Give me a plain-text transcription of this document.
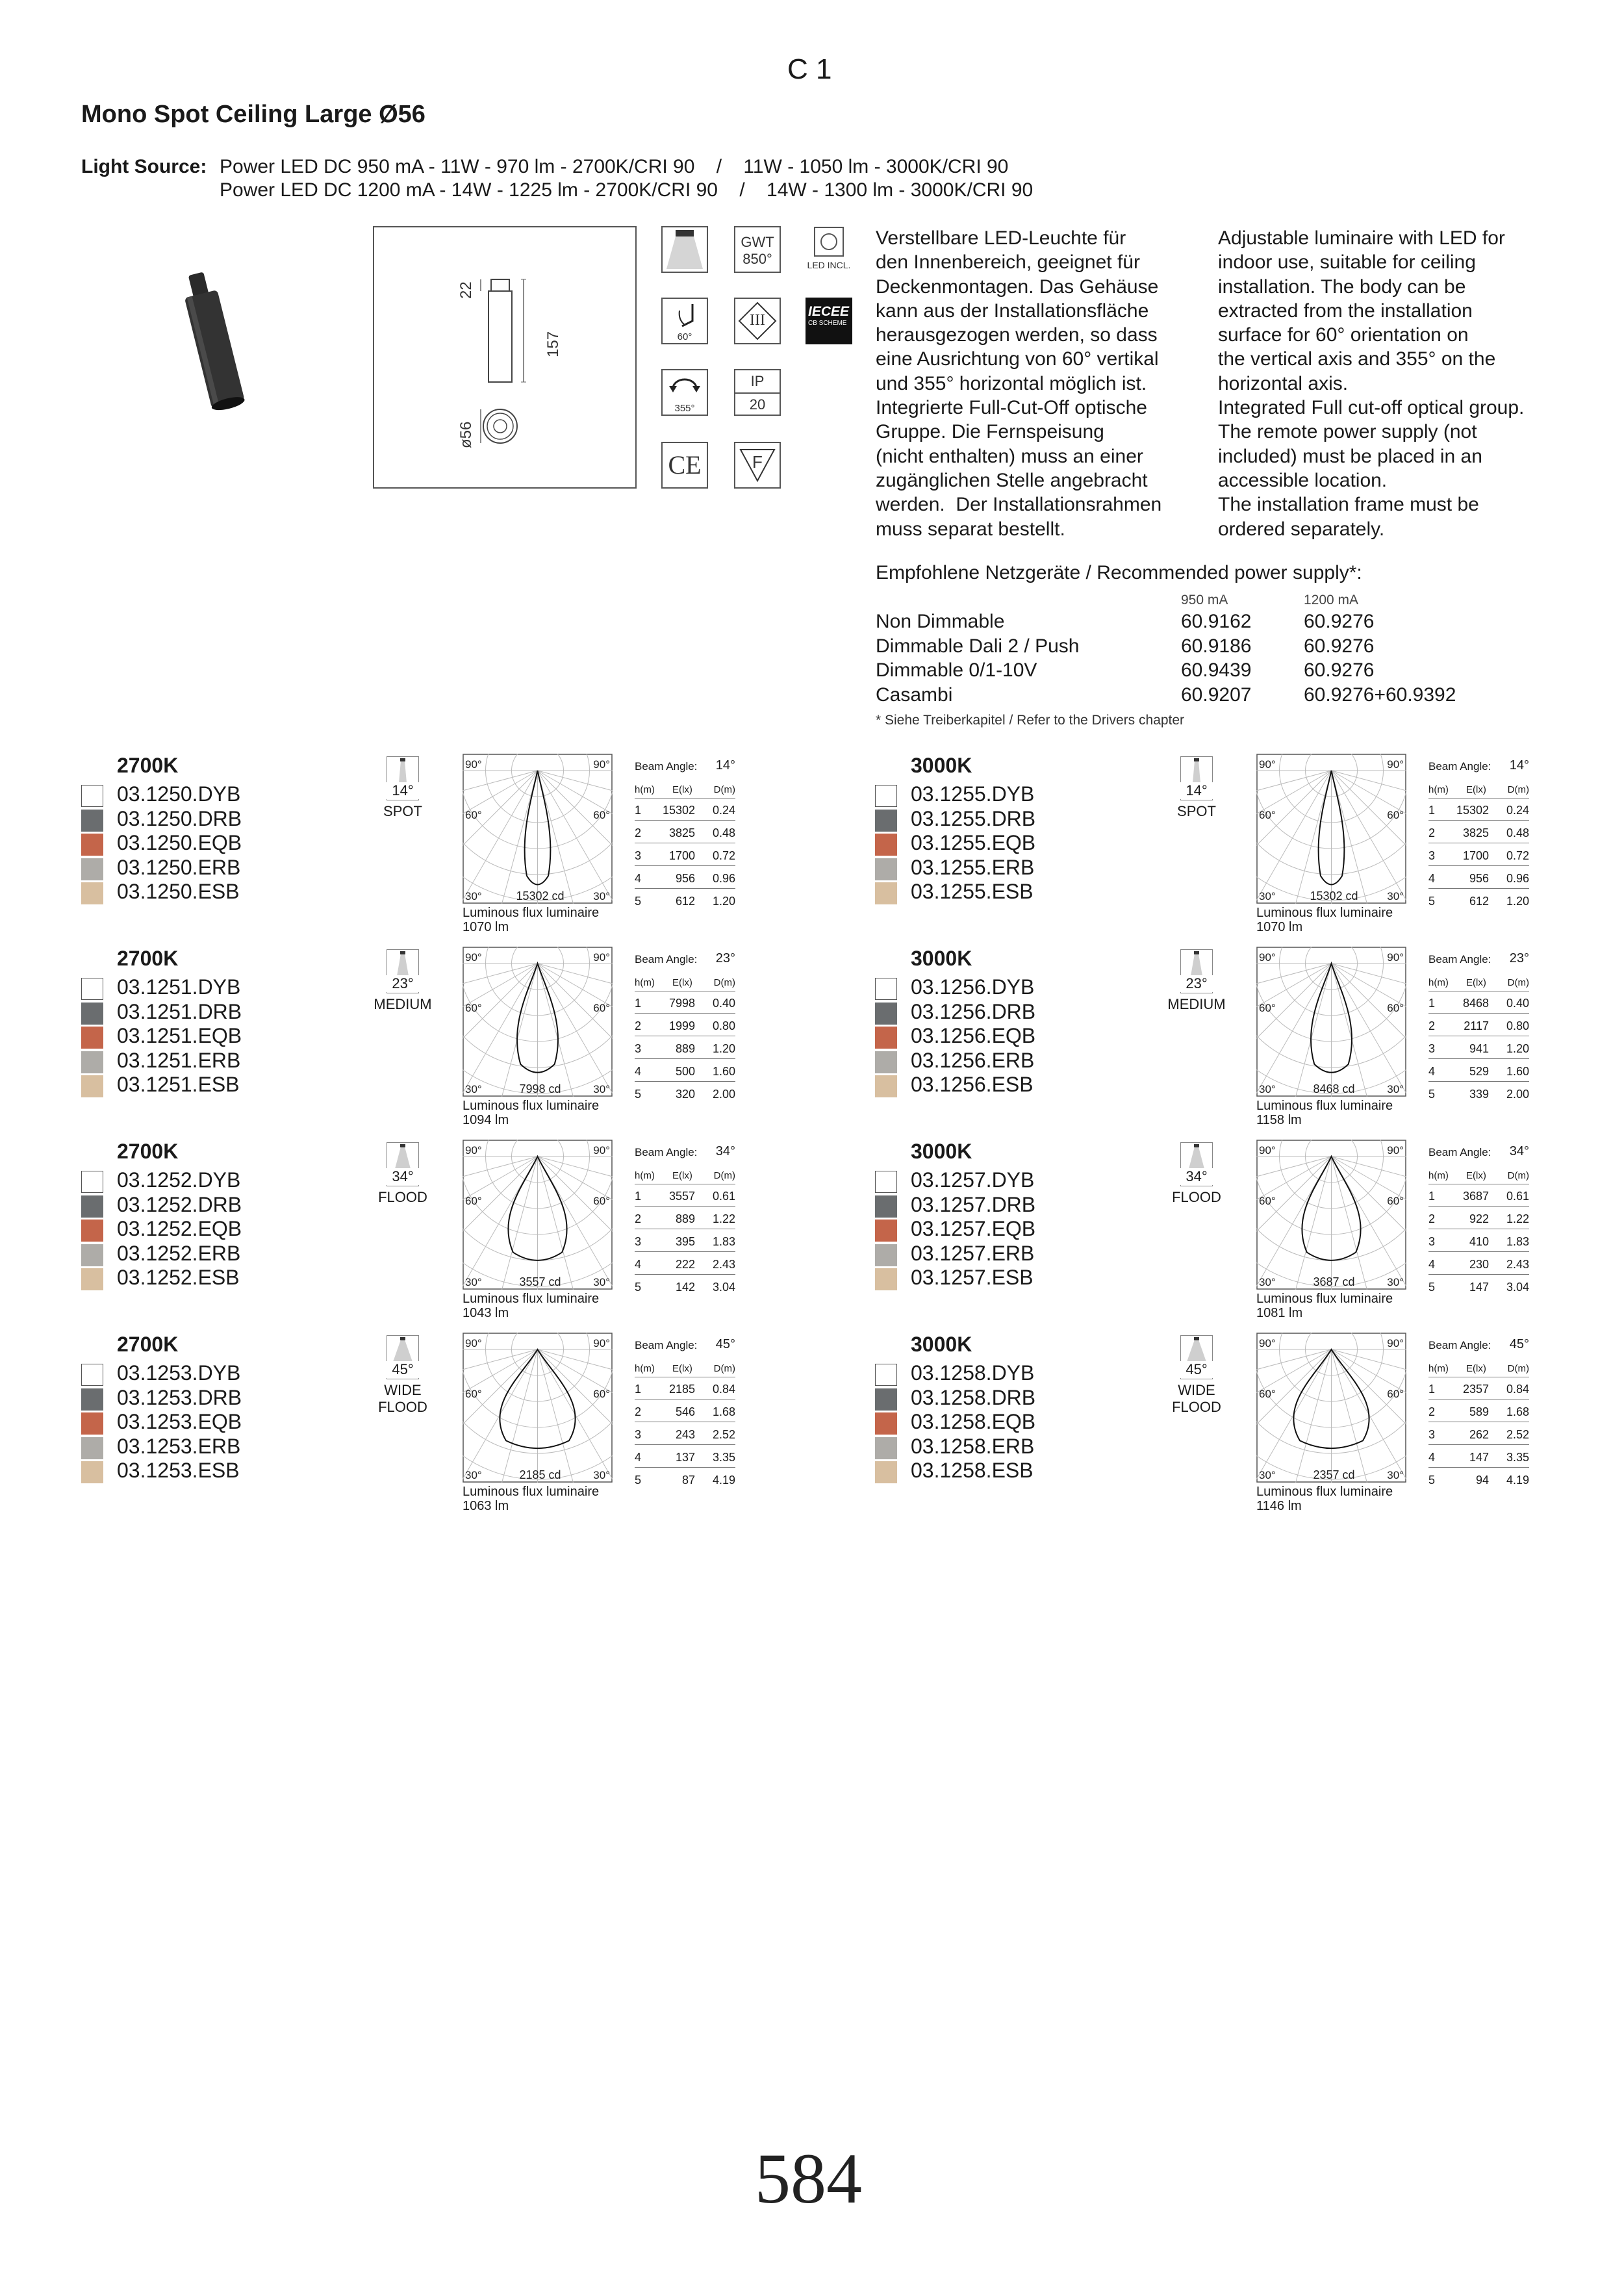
C 1
Mono Spot Ceiling Large Ø56
Light Source: Power LED DC 950 mA - 11W - 970 lm - 2700K/CRI 90    /    11W - 1050 lm - 3000K/CRI 90
Power LED DC 1200 mA - 14W - 1225 lm - 2700K/CRI 90    /    14W - 1300 lm - 3000K/CRI 90
22
157
ø56
GWT
850°	LED INCL.
60°
III
IECEE
CB SCHEME
355°
IP
20
CE	F
Verstellbare LED-Leuchte für
den Innenbereich, geeignet für
Deckenmontagen. Das Gehäuse
kann aus der Installationsfläche
herausgezogen werden, so dass
eine Ausrichtung von 60° vertikal
und 355° horizontal möglich ist.
Integrierte Full-Cut-Off optische
Gruppe. Die Fernspeisung
(nicht enthalten) muss an einer
zugänglichen Stelle angebracht
werden.  Der Installationsrahmen
muss separat bestellt.
Adjustable luminaire with LED for
indoor use, suitable for ceiling
installation. The body can be
extracted from the installation
surface for 60° orientation on
the vertical axis and 355° on the
horizontal axis.
Integrated Full cut-off optical group.
The remote power supply (not
included) must be placed in an
accessible location.
The installation frame must be
ordered separately.
Empfohlene Netzgeräte / Recommended power supply*:
950 mA	1200 mA
Non Dimmable	60.9162	60.9276
Dimmable Dali 2 / Push	60.9186	60.9276
Dimmable 0/1-10V	60.9439	60.9276
Casambi	60.9207	60.9276+60.9392
* Siehe Treiberkapitel / Refer to the Drivers chapter
2700K
03.1250.DYB
03.1250.DRB
03.1250.EQB
03.1250.ERB
03.1250.ESB
14°
SPOT
90°	90°
60°	60°
30°	30°
15302 cd
Luminous flux luminaire
1070 lm
Beam Angle: 14°
h(m) E(lx) D(m)
1 15302 0.24
2 3825 0.48
3 1700 0.72
4	956 0.96
5	612 1.20
3000K
03.1255.DYB
03.1255.DRB
03.1255.EQB
03.1255.ERB
03.1255.ESB
14°
SPOT
90°	90°
60°	60°
30°	30°
15302 cd
Luminous flux luminaire
1070 lm
Beam Angle: 14°
h(m) E(lx) D(m)
1 15302 0.24
2 3825 0.48
3 1700 0.72
4	956 0.96
5	612 1.20
2700K
03.1251.DYB
03.1251.DRB
03.1251.EQB
03.1251.ERB
03.1251.ESB
23°
MEDIUM
90°	90°
60°	60°
30°	30°
7998 cd
Luminous flux luminaire
1094 lm
Beam Angle: 23°
h(m) E(lx) D(m)
1 7998 0.40
2 1999 0.80
3	889 1.20
4	500 1.60
5	320 2.00
3000K
03.1256.DYB
03.1256.DRB
03.1256.EQB
03.1256.ERB
03.1256.ESB
23°
MEDIUM
90°	90°
60°	60°
30°	30°
8468 cd
Luminous flux luminaire
1158 lm
Beam Angle: 23°
h(m) E(lx) D(m)
1 8468 0.40
2 2117 0.80
3	941 1.20
4	529 1.60
5	339 2.00
2700K
03.1252.DYB
03.1252.DRB
03.1252.EQB
03.1252.ERB
03.1252.ESB
34°
FLOOD
90°	90°
60°	60°
30°	30°
3557 cd
Luminous flux luminaire
1043 lm
Beam Angle: 34°
h(m) E(lx) D(m)
1 3557 0.61
2	889 1.22
3	395 1.83
4	222 2.43
5	142 3.04
3000K
03.1257.DYB
03.1257.DRB
03.1257.EQB
03.1257.ERB
03.1257.ESB
34°
FLOOD
90°	90°
60°	60°
30°	30°
3687 cd
Luminous flux luminaire
1081 lm
Beam Angle: 34°
h(m) E(lx) D(m)
1 3687 0.61
2	922 1.22
3	410 1.83
4	230 2.43
5	147 3.04
2700K
03.1253.DYB
03.1253.DRB
03.1253.EQB
03.1253.ERB
03.1253.ESB
45°
WIDE
FLOOD
90°	90°
60°	60°
30°	30°
2185 cd
Luminous flux luminaire
1063 lm
Beam Angle: 45°
h(m) E(lx) D(m)
1 2185 0.84
2	546 1.68
3	243 2.52
4	137 3.35
5	87 4.19
3000K
03.1258.DYB
03.1258.DRB
03.1258.EQB
03.1258.ERB
03.1258.ESB
45°
WIDE
FLOOD
90°	90°
60°	60°
30°	30°
2357 cd
Luminous flux luminaire
1146 lm
Beam Angle: 45°
h(m) E(lx) D(m)
1 2357 0.84
2	589 1.68
3	262 2.52
4	147 3.35
5	94 4.19
584
